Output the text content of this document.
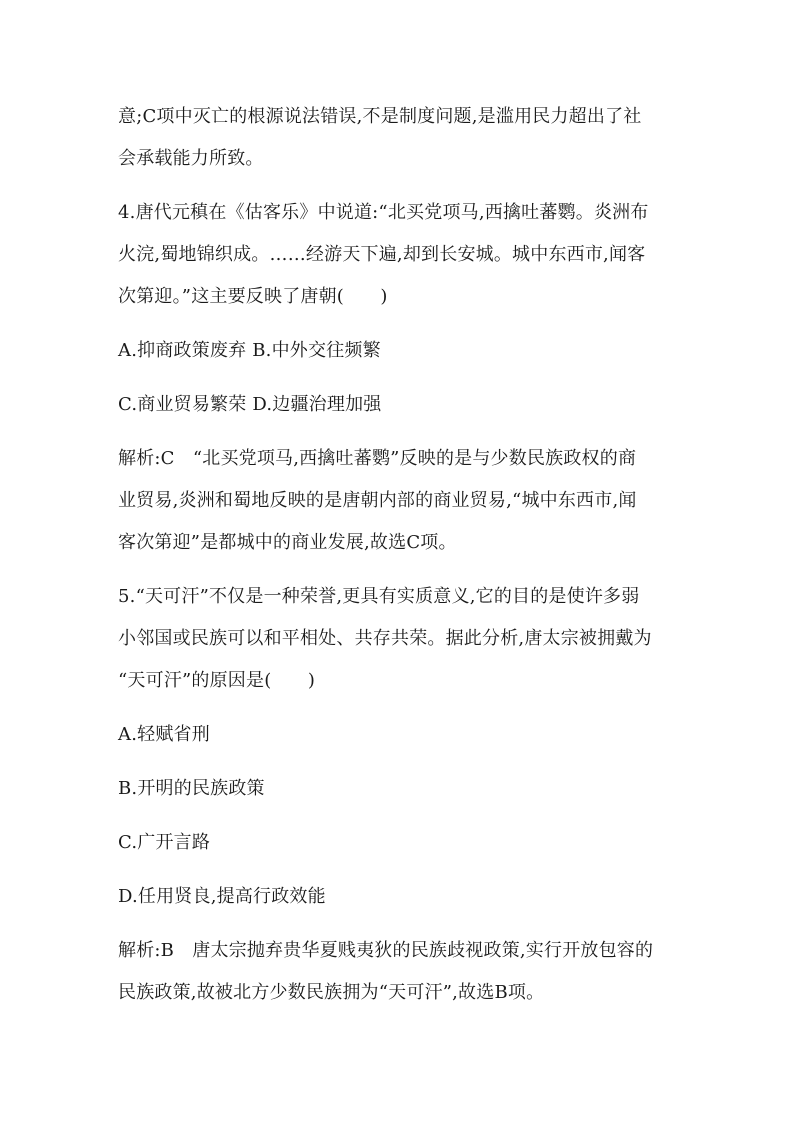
意;C项中灭亡的根源说法错误,不是制度问题,是滥用民力超出了社
会承载能力所致。
4.唐代元稹在《估客乐》中说道:“北买党项马,西擒吐蕃鹦。炎洲布
火浣,蜀地锦织成。……经游天下遍,却到长安城。城中东西市,闻客
次第迎。”这主要反映了唐朝(　　)
A.抑商政策废弃 B.中外交往频繁
C.商业贸易繁荣 D.边疆治理加强
解析:C　“北买党项马,西擒吐蕃鹦”反映的是与少数民族政权的商
业贸易,炎洲和蜀地反映的是唐朝内部的商业贸易,“城中东西市,闻
客次第迎”是都城中的商业发展,故选C项。
5.“天可汗”不仅是一种荣誉,更具有实质意义,它的目的是使许多弱
小邻国或民族可以和平相处、共存共荣。据此分析,唐太宗被拥戴为
“天可汗”的原因是(　　)
A.轻赋省刑
B.开明的民族政策
C.广开言路
D.任用贤良,提高行政效能
解析:B　唐太宗抛弃贵华夏贱夷狄的民族歧视政策,实行开放包容的
民族政策,故被北方少数民族拥为“天可汗”,故选B项。
